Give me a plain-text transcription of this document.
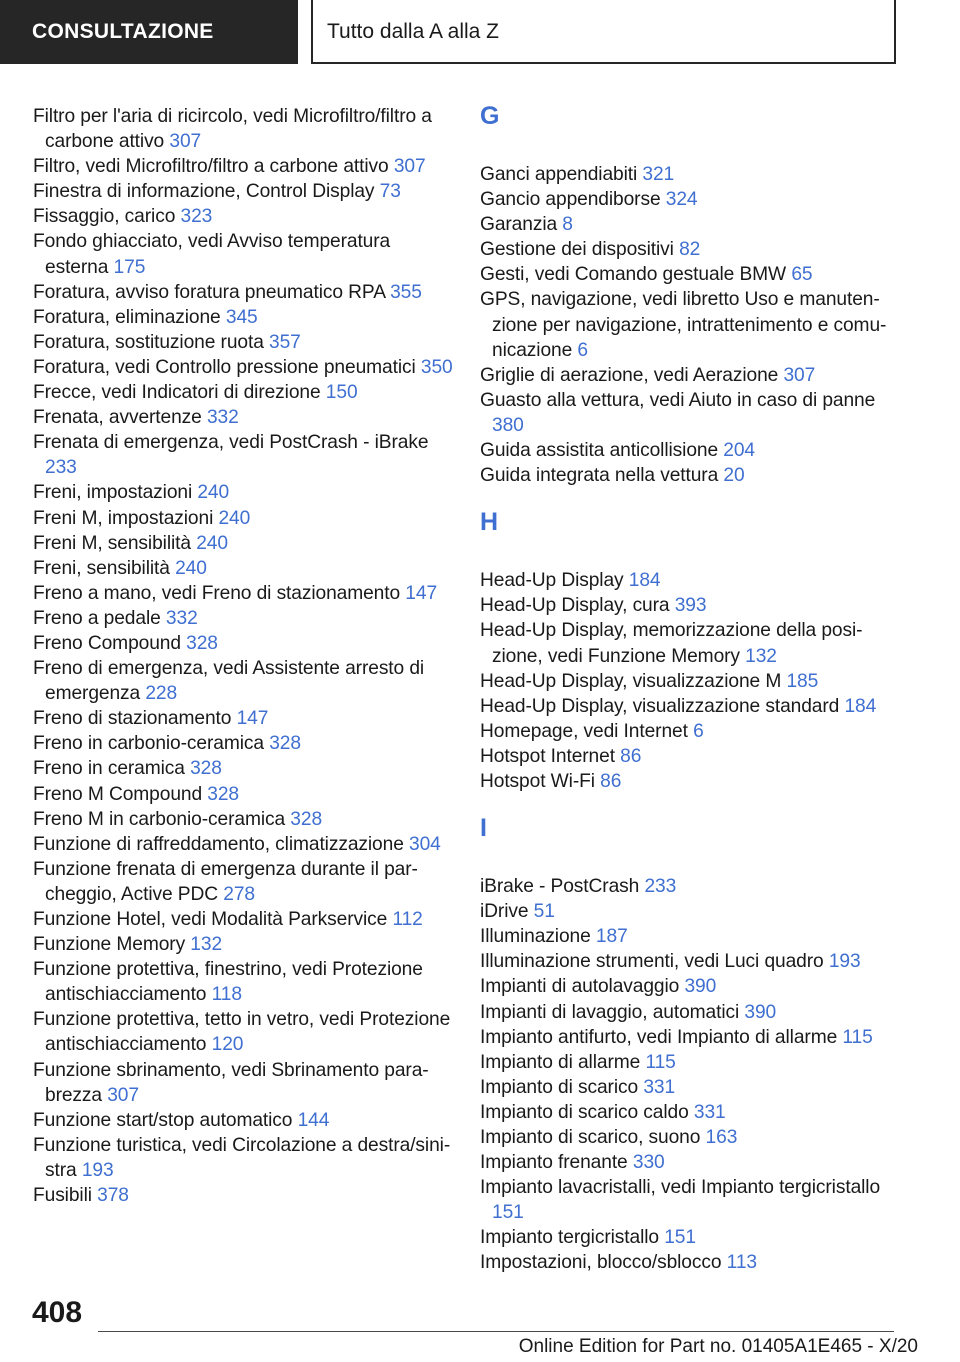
CONSULTAZIONE	Tutto dalla A alla Z
Filtro per l'aria di ricircolo, vedi Microfiltro/filtro a carbone attivo 307
Filtro, vedi Microfiltro/filtro a carbone attivo 307
Finestra di informazione, Control Display 73
Fissaggio, carico 323
Fondo ghiacciato, vedi Avviso temperatura esterna 175
Foratura, avviso foratura pneumatico RPA 355
Foratura, eliminazione 345
Foratura, sostituzione ruota 357
Foratura, vedi Controllo pressione pneumatici 350
Frecce, vedi Indicatori di direzione 150
Frenata, avvertenze 332
Frenata di emergenza, vedi PostCrash - iBrake 233
Freni, impostazioni 240
Freni M, impostazioni 240
Freni M, sensibilità 240
Freni, sensibilità 240
Freno a mano, vedi Freno di stazionamento 147
Freno a pedale 332
Freno Compound 328
Freno di emergenza, vedi Assistente arresto di emergenza 228
Freno di stazionamento 147
Freno in carbonio-ceramica 328
Freno in ceramica 328
Freno M Compound 328
Freno M in carbonio-ceramica 328
Funzione di raffreddamento, climatizzazione 304
Funzione frenata di emergenza durante il parcheggio, Active PDC 278
Funzione Hotel, vedi Modalità Parkservice 112
Funzione Memory 132
Funzione protettiva, finestrino, vedi Protezione antischiacciamento 118
Funzione protettiva, tetto in vetro, vedi Protezione antischiacciamento 120
Funzione sbrinamento, vedi Sbrinamento parabrezza 307
Funzione start/stop automatico 144
Funzione turistica, vedi Circolazione a destra/sinistra 193
Fusibili 378
G
Ganci appendiabiti 321
Gancio appendiborse 324
Garanzia 8
Gestione dei dispositivi 82
Gesti, vedi Comando gestuale BMW 65
GPS, navigazione, vedi libretto Uso e manutenzione per navigazione, intrattenimento e comunicazione 6
Griglie di aerazione, vedi Aerazione 307
Guasto alla vettura, vedi Aiuto in caso di panne 380
Guida assistita anticollisione 204
Guida integrata nella vettura 20
H
Head-Up Display 184
Head-Up Display, cura 393
Head-Up Display, memorizzazione della posizione, vedi Funzione Memory 132
Head-Up Display, visualizzazione M 185
Head-Up Display, visualizzazione standard 184
Homepage, vedi Internet 6
Hotspot Internet 86
Hotspot Wi-Fi 86
I
iBrake - PostCrash 233
iDrive 51
Illuminazione 187
Illuminazione strumenti, vedi Luci quadro 193
Impianti di autolavaggio 390
Impianti di lavaggio, automatici 390
Impianto antifurto, vedi Impianto di allarme 115
Impianto di allarme 115
Impianto di scarico 331
Impianto di scarico caldo 331
Impianto di scarico, suono 163
Impianto frenante 330
Impianto lavacristalli, vedi Impianto tergicristallo 151
Impianto tergicristallo 151
Impostazioni, blocco/sblocco 113
408
Online Edition for Part no. 01405A1E465 - X/20
